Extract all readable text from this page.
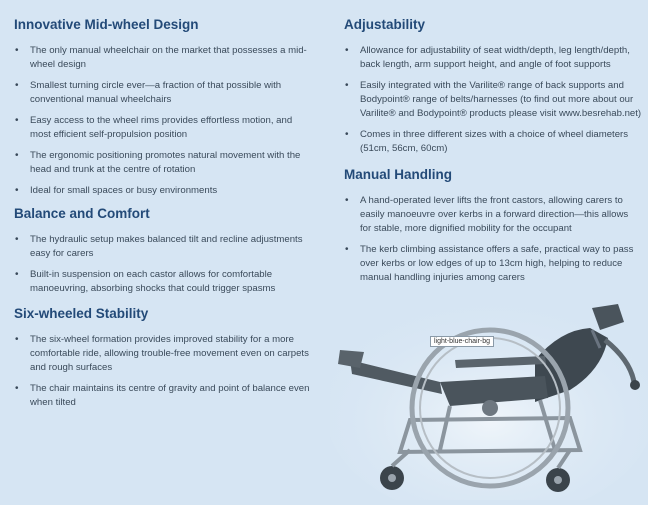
Innovative Mid-wheel Design
• The only manual wheelchair on the market that possesses a mid-wheel design
• Smallest turning circle ever—a fraction of that possible with conventional manual wheelchairs
• Easy access to the wheel rims provides effortless motion, and most efficient self-propulsion position
• The ergonomic positioning promotes natural movement with the head and trunk at the centre of rotation
• Ideal for small spaces or busy environments
Balance and Comfort
• The hydraulic setup makes balanced tilt and recline adjustments easy for carers
• Built-in suspension on each castor allows for comfortable manoeuvring, absorbing shocks that could trigger spasms
Six-wheeled Stability
• The six-wheel formation provides improved stability for a more comfortable ride, allowing trouble-free movement even on carpets and rough surfaces
• The chair maintains its centre of gravity and point of balance even when tilted
Adjustability
• Allowance for adjustability of seat width/depth, leg length/depth, back length, arm support height, and angle of foot supports
• Easily integrated with the Varilite® range of back supports and Bodypoint® range of belts/harnesses (to find out more about our Varilite® and Bodypoint® products please visit www.besrehab.net)
• Comes in three different sizes with a choice of wheel diameters (51cm, 56cm, 60cm)
Manual Handling
• A hand-operated lever lifts the front castors, allowing carers to easily manoeuvre over kerbs in a forward direction—this allows for stable, more dignified mobility for the occupant
• The kerb climbing assistance offers a safe, practical way to pass over kerbs or low edges of up to 13cm high, helping to reduce manual handling injuries among carers
light-blue-chair-bg
